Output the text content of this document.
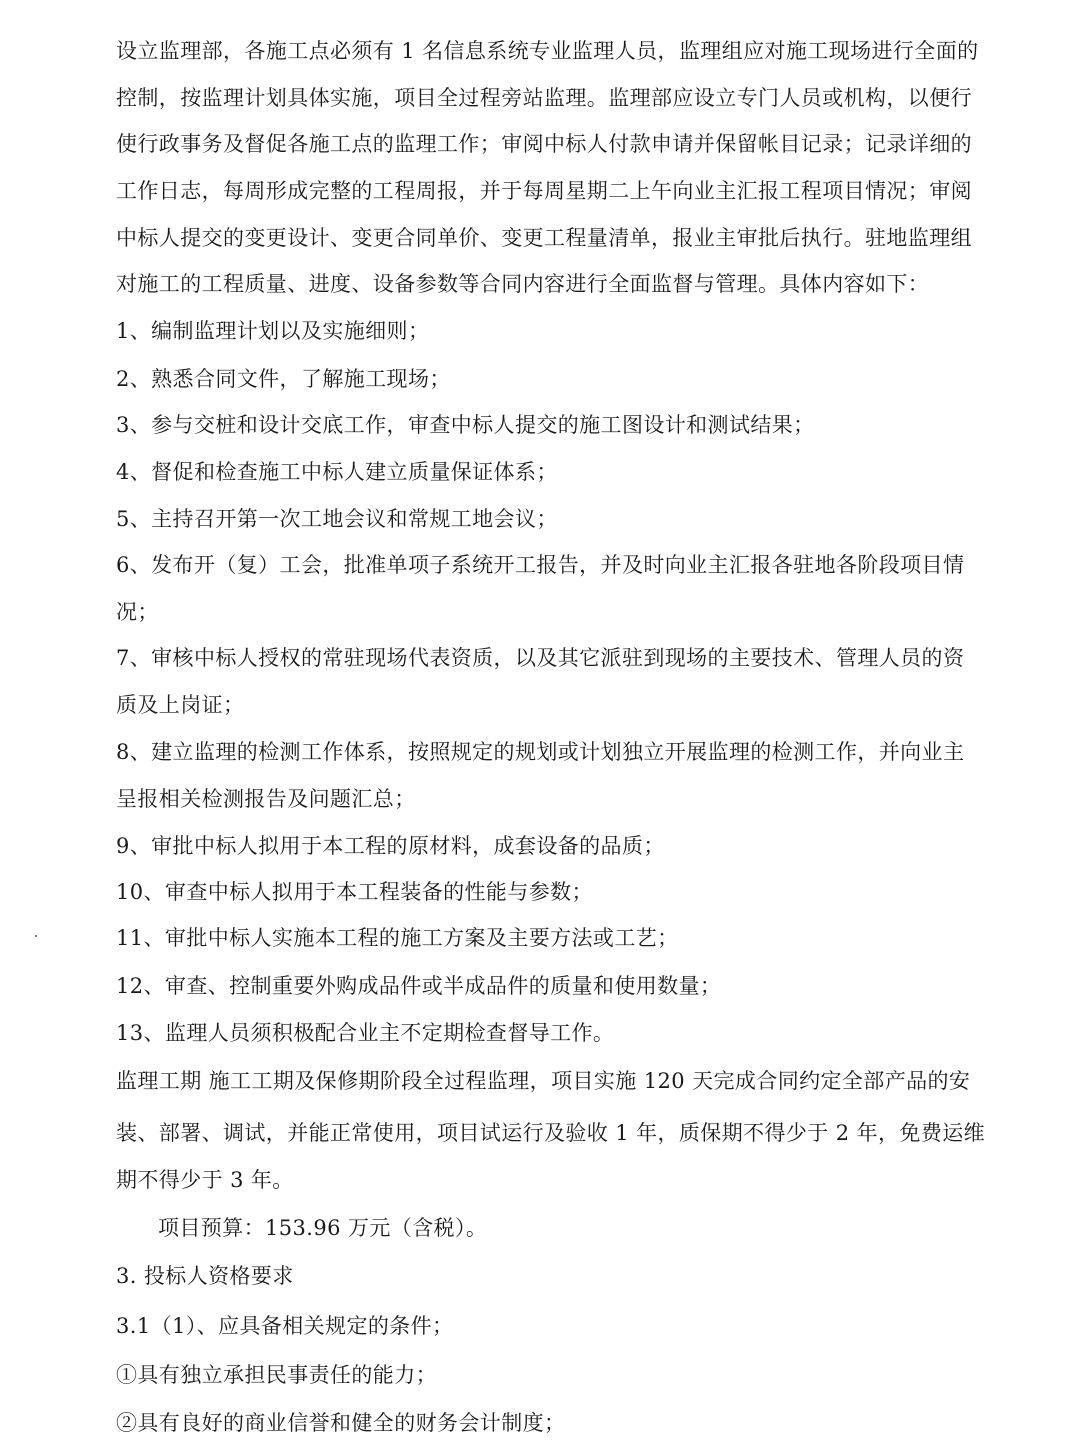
设立监理部，各施工点必须有 1 名信息系统专业监理人员，监理组应对施工现场进行全面的
控制，按监理计划具体实施，项目全过程旁站监理。监理部应设立专门人员或机构，以便行
使行政事务及督促各施工点的监理工作；审阅中标人付款申请并保留帐目记录；记录详细的
工作日志，每周形成完整的工程周报，并于每周星期二上午向业主汇报工程项目情况；审阅
中标人提交的变更设计、变更合同单价、变更工程量清单，报业主审批后执行。驻地监理组
对施工的工程质量、进度、设备参数等合同内容进行全面监督与管理。具体内容如下：
1、编制监理计划以及实施细则；
2、熟悉合同文件，了解施工现场；
3、参与交桩和设计交底工作，审查中标人提交的施工图设计和测试结果；
4、督促和检查施工中标人建立质量保证体系；
5、主持召开第一次工地会议和常规工地会议；
6、发布开（复）工会，批准单项子系统开工报告，并及时向业主汇报各驻地各阶段项目情
况；
7、审核中标人授权的常驻现场代表资质，以及其它派驻到现场的主要技术、管理人员的资
质及上岗证；
8、建立监理的检测工作体系，按照规定的规划或计划独立开展监理的检测工作，并向业主
呈报相关检测报告及问题汇总；
9、审批中标人拟用于本工程的原材料，成套设备的品质；
10、审查中标人拟用于本工程装备的性能与参数；
11、审批中标人实施本工程的施工方案及主要方法或工艺；
12、审查、控制重要外购成品件或半成品件的质量和使用数量；
13、监理人员须积极配合业主不定期检查督导工作。
监理工期 施工工期及保修期阶段全过程监理，项目实施 120 天完成合同约定全部产品的安
装、部署、调试，并能正常使用，项目试运行及验收 1 年，质保期不得少于 2 年，免费运维
期不得少于 3 年。
项目预算：153.96 万元（含税）。
3. 投标人资格要求
3.1（1）、应具备相关规定的条件；
①具有独立承担民事责任的能力；
②具有良好的商业信誉和健全的财务会计制度；
